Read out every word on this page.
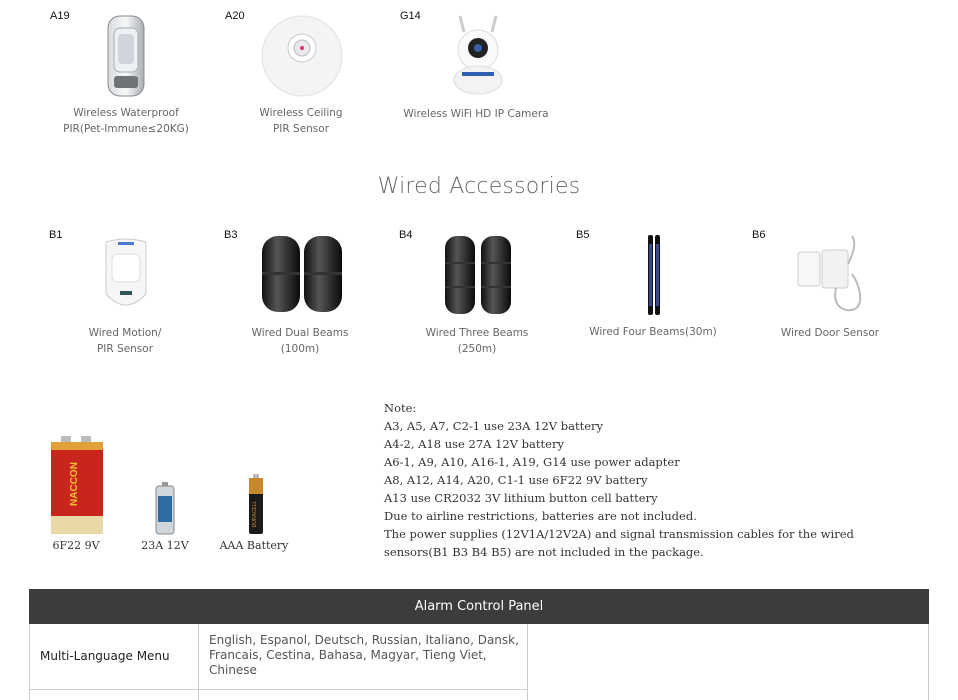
A19
Wireless Waterproof
PIR(Pet-Immune≤20KG)
A20
Wireless Ceiling
PIR Sensor
G14
Wireless WiFi HD IP Camera
Wired Accessories
B1
Wired Motion/
PIR Sensor
B3
Wired Dual Beams
(100m)
B4
Wired Three Beams
(250m)
B5
Wired Four Beams(30m)
B6
Wired Door Sensor
NACCON
6F22 9V	23A 12V
DURACELL
AAA Battery
Note:
A3, A5, A7, C2-1 use 23A 12V battery
A4-2, A18 use 27A 12V battery
A6-1, A9, A10, A16-1, A19, G14 use power adapter
A8, A12, A14, A20, C1-1 use 6F22 9V battery
A13 use CR2032 3V lithium button cell battery
Due to airline restrictions, batteries are not included.
The power supplies (12V1A/12V2A) and signal transmission cables for the wired
sensors(B1 B3 B4 B5) are not included in the package.
Alarm Control Panel
Multi-Language Menu
English, Espanol, Deutsch, Russian, Italiano, Dansk,
Francais, Cestina, Bahasa, Magyar, Tieng Viet,
Chinese
